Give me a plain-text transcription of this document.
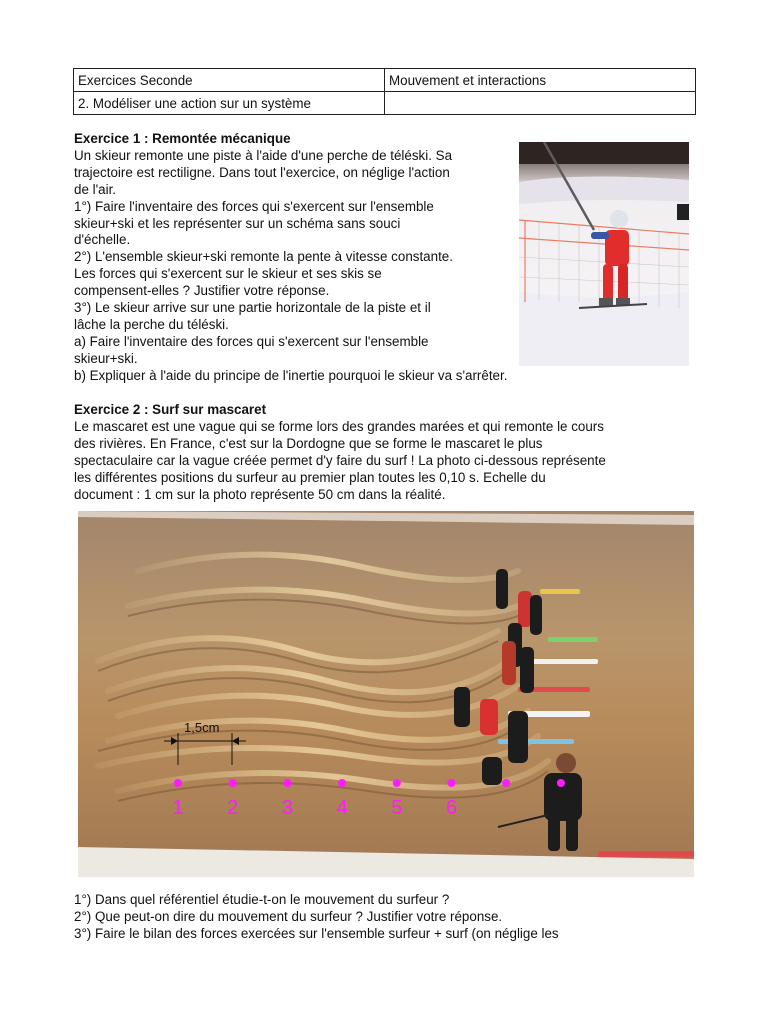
Exercices Seconde	Mouvement et interactions
2. Modéliser une action sur un système	
Exercice 1 : Remontée mécanique
Un skieur remonte une piste à l'aide d'une perche de téléski. Sa
trajectoire est rectiligne. Dans tout l'exercice, on néglige l'action
de l'air.
1°) Faire l'inventaire des forces qui s'exercent sur l'ensemble
skieur+ski et les représenter sur un schéma sans souci
d'échelle.
2°) L'ensemble skieur+ski remonte la pente à vitesse constante.
Les forces qui s'exercent sur le skieur et ses skis se
compensent-elles ? Justifier votre réponse.
3°) Le skieur arrive sur une partie horizontale de la piste et il
lâche la perche du téléski.
a) Faire l'inventaire des forces qui s'exercent sur l'ensemble
skieur+ski.
b) Expliquer à l'aide du principe de l'inertie pourquoi le skieur va s'arrêter.
Exercice 2 : Surf sur mascaret
Le mascaret est une vague qui se forme lors des grandes marées et qui remonte le cours
des rivières. En France, c'est sur la Dordogne que se forme le mascaret le plus
spectaculaire car la vague créée permet d'y faire du surf ! La photo ci-dessous représente
les différentes positions du surfeur au premier plan toutes les 0,10 s. Echelle du
document : 1 cm sur la photo représente 50 cm dans la réalité.
1,5cm
1 2 3 4 5 6
1°) Dans quel référentiel étudie-t-on le mouvement du surfeur ?
2°) Que peut-on dire du mouvement du surfeur ? Justifier votre réponse.
3°) Faire le bilan des forces exercées sur l'ensemble surfeur + surf (on néglige les
